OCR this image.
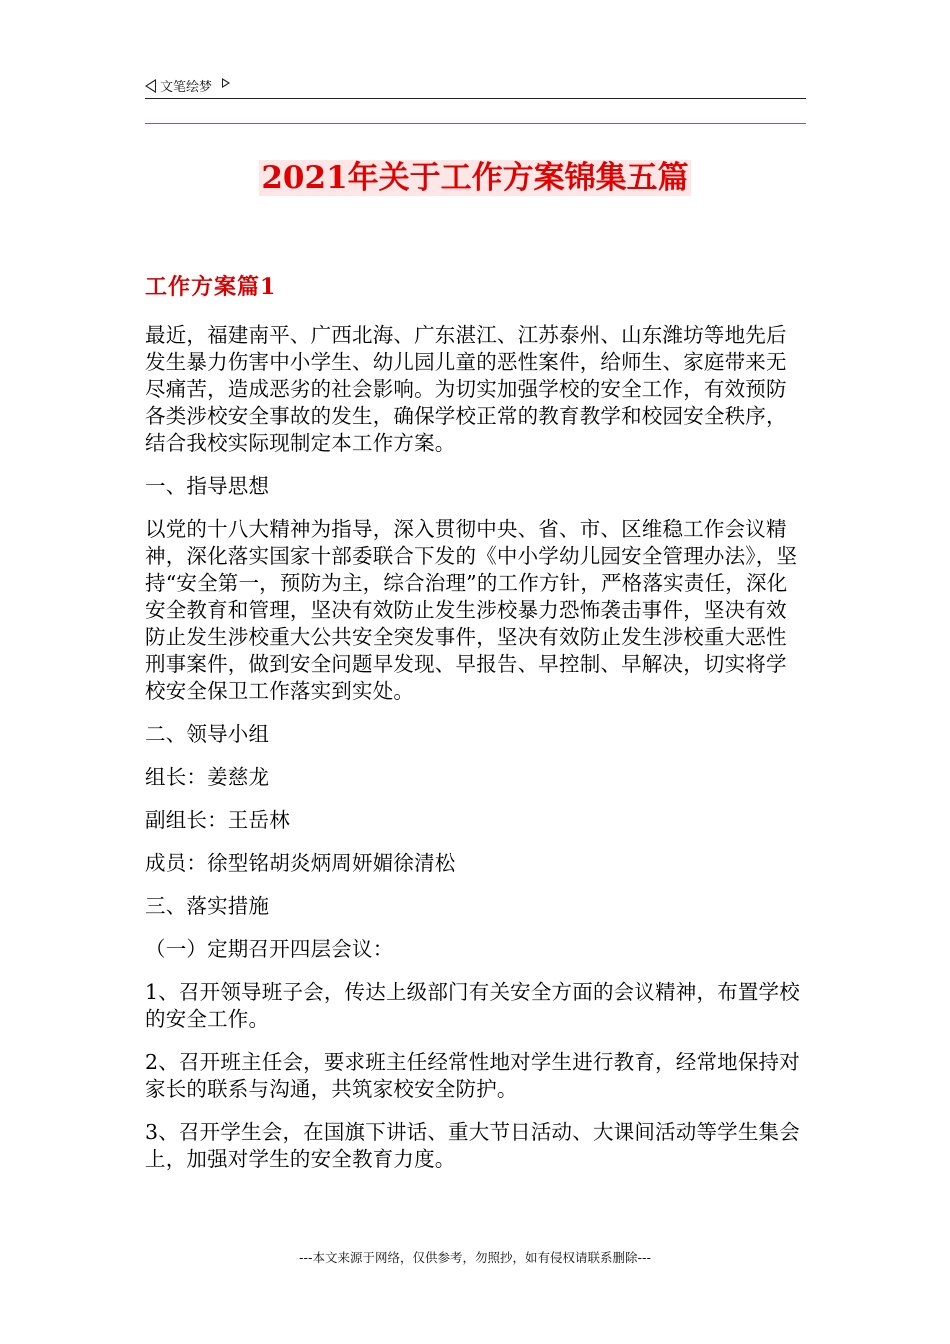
文笔绘梦
2021年关于工作方案锦集五篇
工作方案篇1

最近，福建南平、广西北海、广东湛江、江苏泰州、山东潍坊等地先后发生暴力伤害中小学生、幼儿园儿童的恶性案件，给师生、家庭带来无尽痛苦，造成恶劣的社会影响。为切实加强学校的安全工作，有效预防各类涉校安全事故的发生，确保学校正常的教育教学和校园安全秩序，结合我校实际现制定本工作方案。

一、指导思想

以党的十八大精神为指导，深入贯彻中央、省、市、区维稳工作会议精神，深化落实国家十部委联合下发的《中小学幼儿园安全管理办法》，坚持“安全第一，预防为主，综合治理”的工作方针，严格落实责任，深化安全教育和管理，坚决有效防止发生涉校暴力恐怖袭击事件，坚决有效防止发生涉校重大公共安全突发事件，坚决有效防止发生涉校重大恶性刑事案件，做到安全问题早发现、早报告、早控制、早解决，切实将学校安全保卫工作落实到实处。

二、领导小组

组长：姜慈龙

副组长：王岳林

成员：徐型铭胡炎炳周妍媚徐清松

三、落实措施

（一）定期召开四层会议：

1、召开领导班子会，传达上级部门有关安全方面的会议精神，布置学校的安全工作。

2、召开班主任会，要求班主任经常性地对学生进行教育，经常地保持对家长的联系与沟通，共筑家校安全防护。

3、召开学生会，在国旗下讲话、重大节日活动、大课间活动等学生集会上，加强对学生的安全教育力度。

---本文来源于网络，仅供参考，勿照抄，如有侵权请联系删除---
